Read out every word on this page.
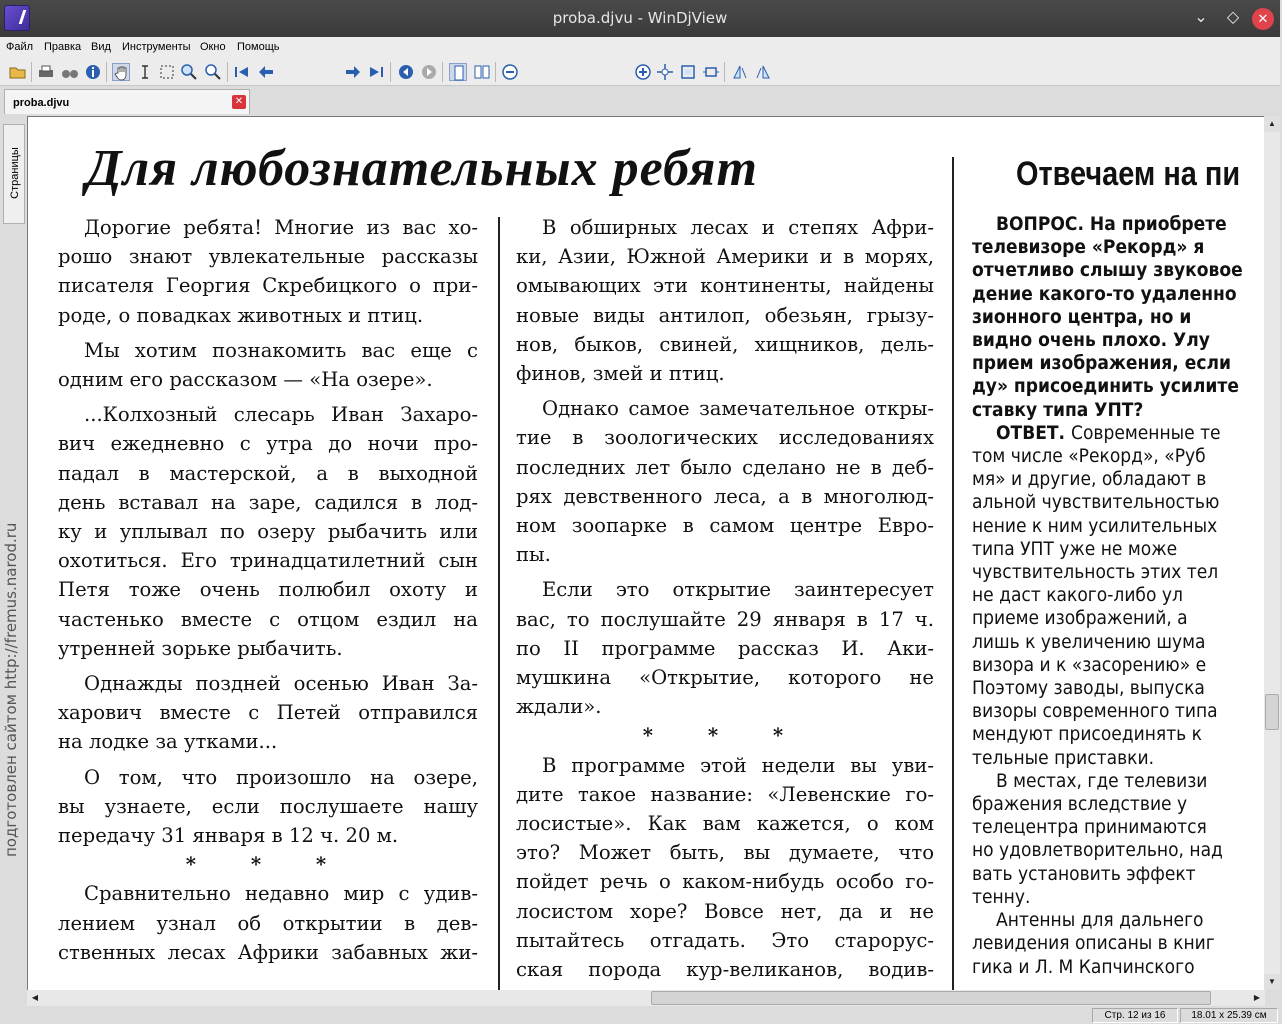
proba.djvu - WinDjView	⌄	◇	✕
Файл Правка Вид Инструменты Окно Помощь
proba.djvu	✕
Страницы
подготовлен сайтом http://fremus.narod.ru
Для любознательных ребят	Отвечаем на пи

Дорогие ребята! Многие из вас хо-

рошо знают увлекательные рассказы

писателя Георгия Скребицкого о при-

роде, о повадках животных и птиц.

Мы хотим познакомить вас еще с

одним его рассказом — «На озере».

...Колхозный слесарь Иван Захаро-

вич ежедневно с утра до ночи про-

падал в мастерской, а в выходной

день вставал на заре, садился в лод-

ку и уплывал по озеру рыбачить или

охотиться. Его тринадцатилетний сын

Петя тоже очень полюбил охоту и

частенько вместе с отцом ездил на

утренней зорьке рыбачить.

Однажды поздней осенью Иван За-

харович вместе с Петей отправился

на лодке за утками...

О том, что произошло на озере,

вы узнаете, если послушаете нашу

передачу 31 января в 12 ч. 20 м.

* * *

Сравнительно недавно мир с удив-

лением узнал об открытии в дев-

ственных лесах Африки забавных жи-

В обширных лесах и степях Афри-

ки, Азии, Южной Америки и в морях,

омывающих эти континенты, найдены

новые виды антилоп, обезьян, грызу-

нов, быков, свиней, хищников, дель-

финов, змей и птиц.

Однако самое замечательное откры-

тие в зоологических исследованиях

последних лет было сделано не в деб-

рях девственного леса, а в многолюд-

ном зоопарке в самом центре Евро-

пы.

Если это открытие заинтересует

вас, то послушайте 29 января в 17 ч.

по II программе рассказ И. Аки-

мушкина «Открытие, которого не

ждали».

* * *

В программе этой недели вы уви-

дите такое название: «Левенские го-

лосистые». Как вам кажется, о ком

это? Может быть, вы думаете, что

пойдет речь о каком-нибудь особо го-

лосистом хоре? Вовсе нет, да и не

пытайтесь отгадать. Это старорус-

ская порода кур-великанов, водив-

ВОПРОС. На приобрете
телевизоре «Рекорд» я
отчетливо слышу звуковое
дение какого-то удаленно
зионного центра, но и
видно очень плохо. Улу
прием изображения, если
ду» присоединить усилите
ставку типа УПТ?
ОТВЕТ. Современные те
том числе «Рекорд», «Руб
мя» и другие, обладают в
альной чувствительностью
нение к ним усилительных
типа УПТ уже не може
чувствительность этих тел
не даст какого-либо ул
приеме изображений, а
лишь к увеличению шума
визора и к «засорению» е
Поэтому заводы, выпуска
визоры современного типа
мендуют присоединять к
тельные приставки.
В местах, где телевизи
бражения вследствие у
телецентра принимаются
но удовлетворительно, над
вать установить эффект
тенну.
Антенны для дальнего
левидения описаны в книг
гика и Л. М Капчинского
▲
▼
◀	▶
Стр. 12 из 16	18.01 x 25.39 см
